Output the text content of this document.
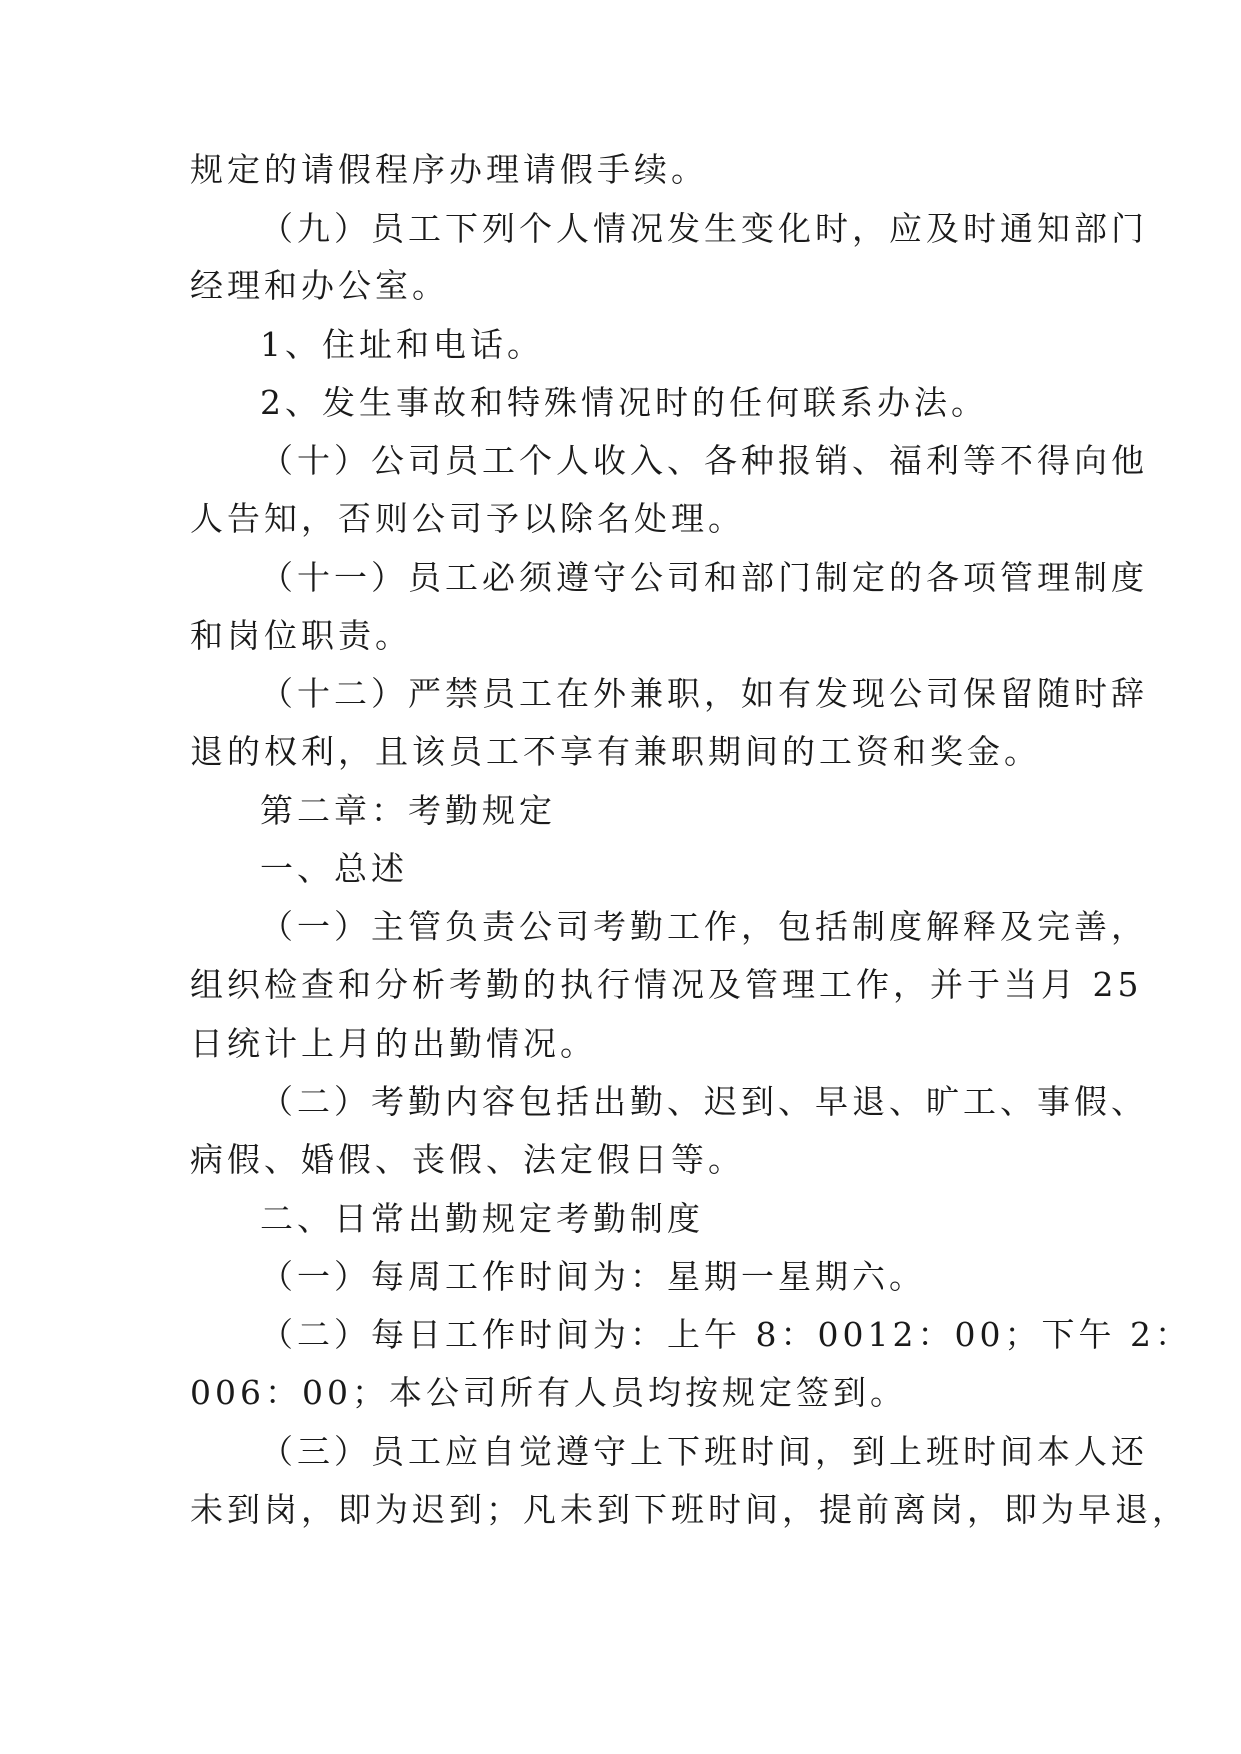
规定的请假程序办理请假手续。
（九）员工下列个人情况发生变化时，应及时通知部门
经理和办公室。
1、住址和电话。
2、发生事故和特殊情况时的任何联系办法。
（十）公司员工个人收入、各种报销、福利等不得向他
人告知，否则公司予以除名处理。
（十一）员工必须遵守公司和部门制定的各项管理制度
和岗位职责。
（十二）严禁员工在外兼职，如有发现公司保留随时辞
退的权利，且该员工不享有兼职期间的工资和奖金。
第二章：考勤规定
一、总述
（一）主管负责公司考勤工作，包括制度解释及完善，
组织检查和分析考勤的执行情况及管理工作，并于当月 25
日统计上月的出勤情况。
（二）考勤内容包括出勤、迟到、早退、旷工、事假、
病假、婚假、丧假、法定假日等。
二、日常出勤规定考勤制度
（一）每周工作时间为：星期一星期六。
（二）每日工作时间为：上午 8：0012：00；下午 2：
006：00；本公司所有人员均按规定签到。
（三）员工应自觉遵守上下班时间，到上班时间本人还
未到岗，即为迟到；凡未到下班时间，提前离岗，即为早退，
